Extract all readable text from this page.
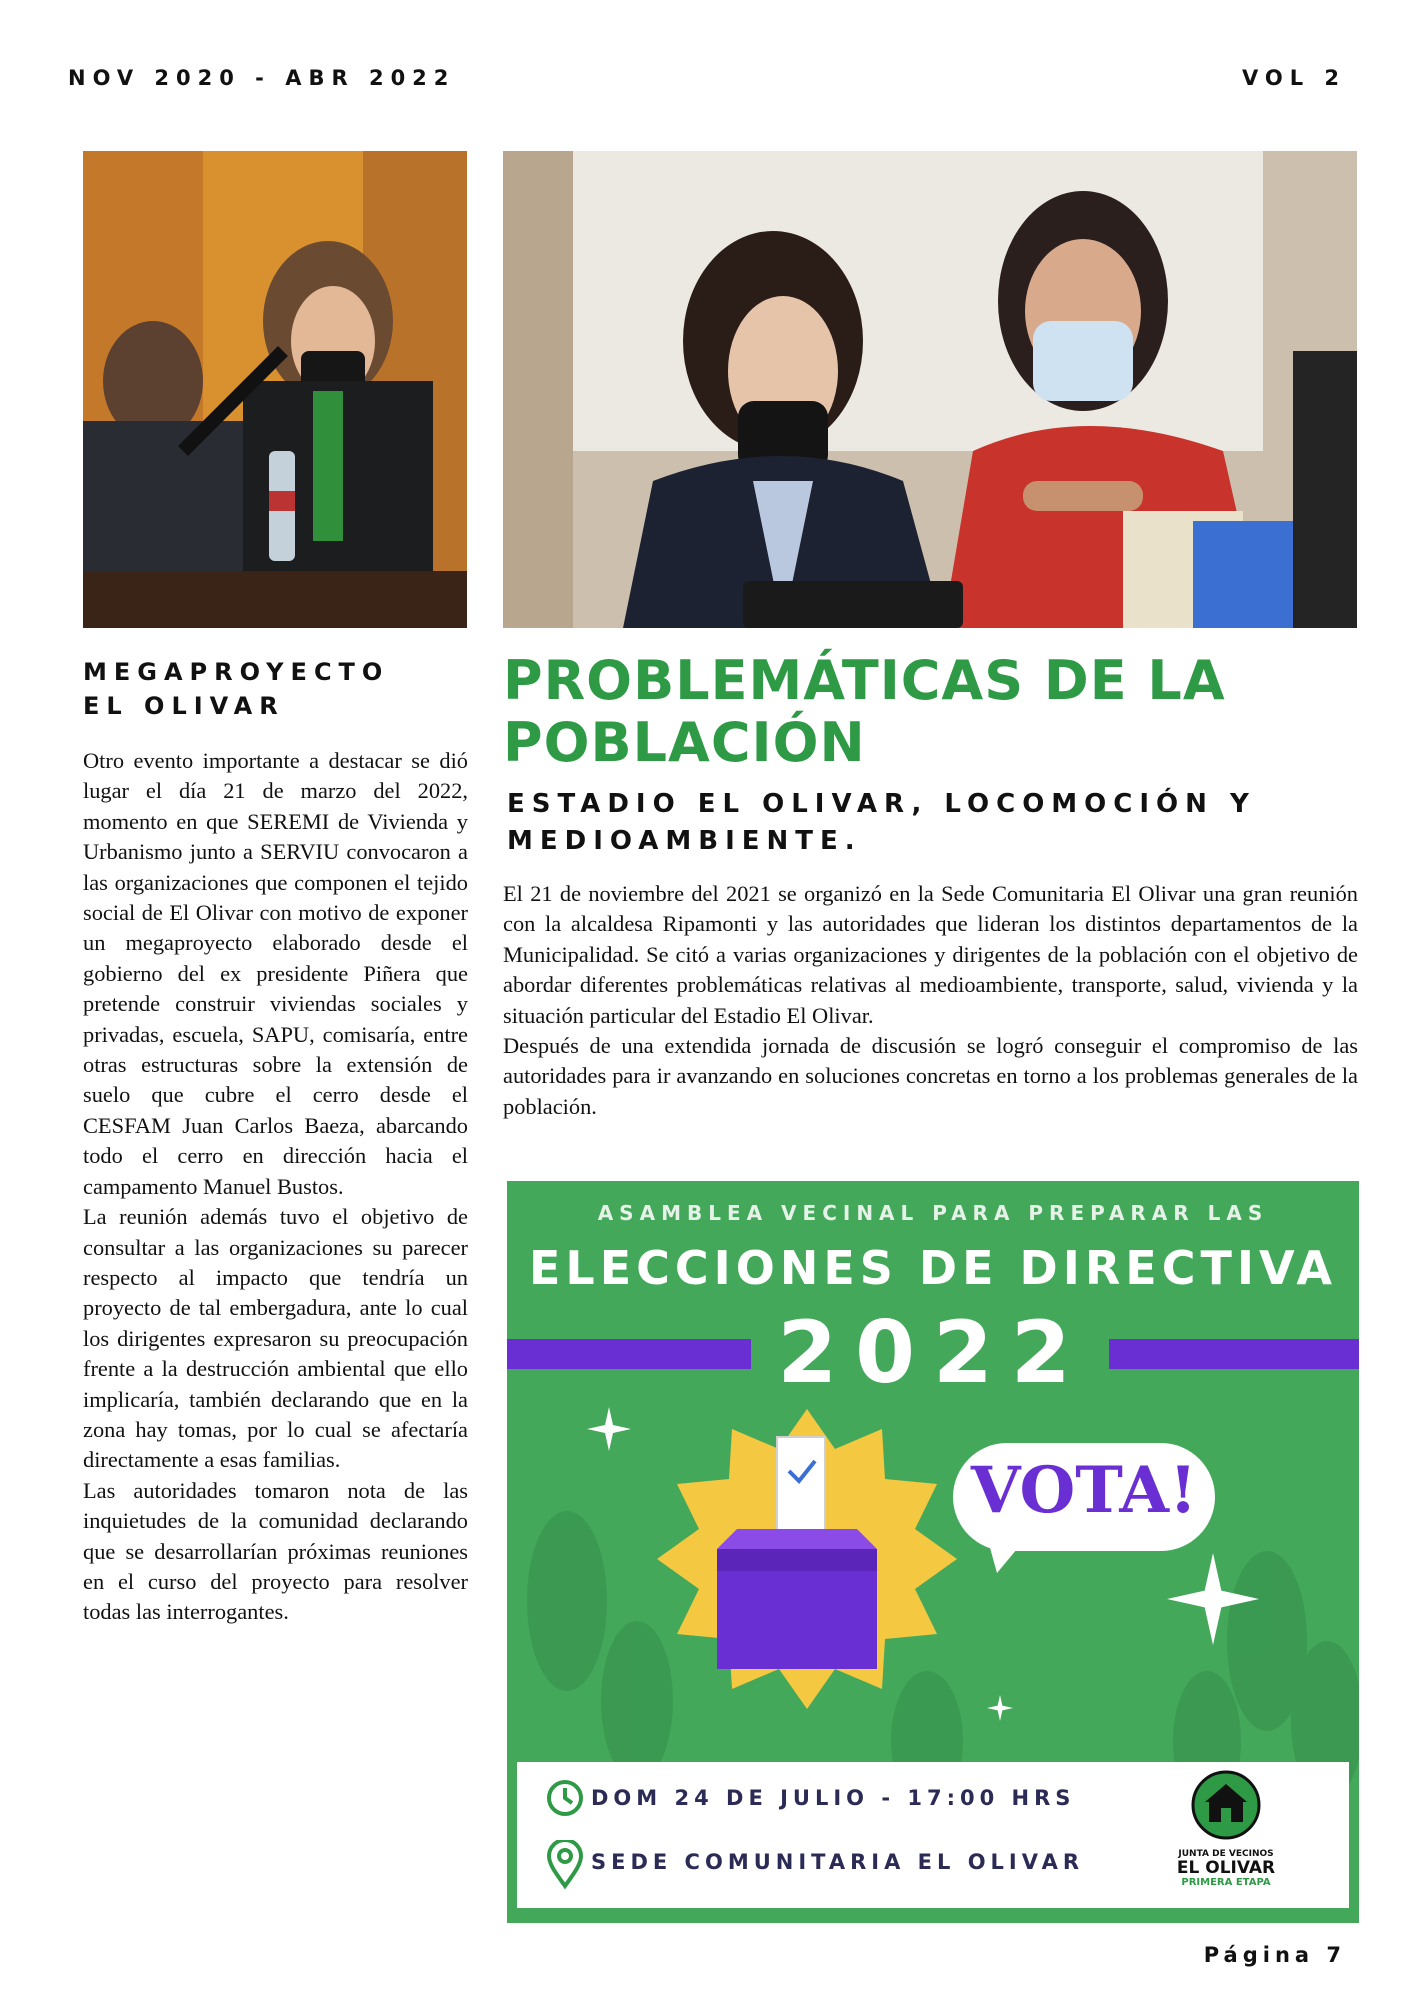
NOV 2020 - ABR 2022	VOL 2
MEGAPROYECTO
EL OLIVAR

Otro evento importante a destacar se dió lugar el día 21 de marzo del 2022, momento en que SEREMI de Vivienda y Urbanismo junto a SERVIU convocaron a las organizaciones que componen el tejido social de El Olivar con motivo de exponer un megaproyecto elaborado desde el gobierno del ex presidente Piñera que pretende construir viviendas sociales y privadas, escuela, SAPU, comisaría, entre otras estructuras sobre la extensión de suelo que cubre el cerro desde el CESFAM Juan Carlos Baeza, abarcando todo el cerro en dirección hacia el campamento Manuel Bustos.

La reunión además tuvo el objetivo de consultar a las organizaciones su parecer respecto al impacto que tendría un proyecto de tal embergadura, ante lo cual los dirigentes expresaron su preocupación frente a la destrucción ambiental que ello implicaría, también declarando que en la zona hay tomas, por lo cual se afectaría directamente a esas familias.

Las autoridades tomaron nota de las inquietudes de la comunidad declarando que se desarrollarían próximas reuniones en el curso del proyecto para resolver todas las interrogantes.

PROBLEMÁTICAS DE LA
POBLACIÓN
ESTADIO EL OLIVAR, LOCOMOCIÓN Y
MEDIOAMBIENTE.

El 21 de noviembre del 2021 se organizó en la Sede Comunitaria El Olivar una gran reunión con la alcaldesa Ripamonti y las autoridades que lideran los distintos departamentos de la Municipalidad. Se citó a varias organizaciones y dirigentes de la población con el objetivo de abordar diferentes problemáticas relativas al medioambiente, transporte, salud, vivienda y la situación particular del Estadio El Olivar.

Después de una extendida jornada de discusión se logró conseguir el compromiso de las autoridades para ir avanzando en soluciones concretas en torno a los problemas generales de la población.

ASAMBLEA VECINAL PARA PREPARAR LAS
ELECCIONES DE DIRECTIVA
2022
VOTA!
DOM 24 DE JULIO - 17:00 HRS
SEDE COMUNITARIA EL OLIVAR	JUNTA DE VECINOS
EL OLIVAR
PRIMERA ETAPA
Página 7
